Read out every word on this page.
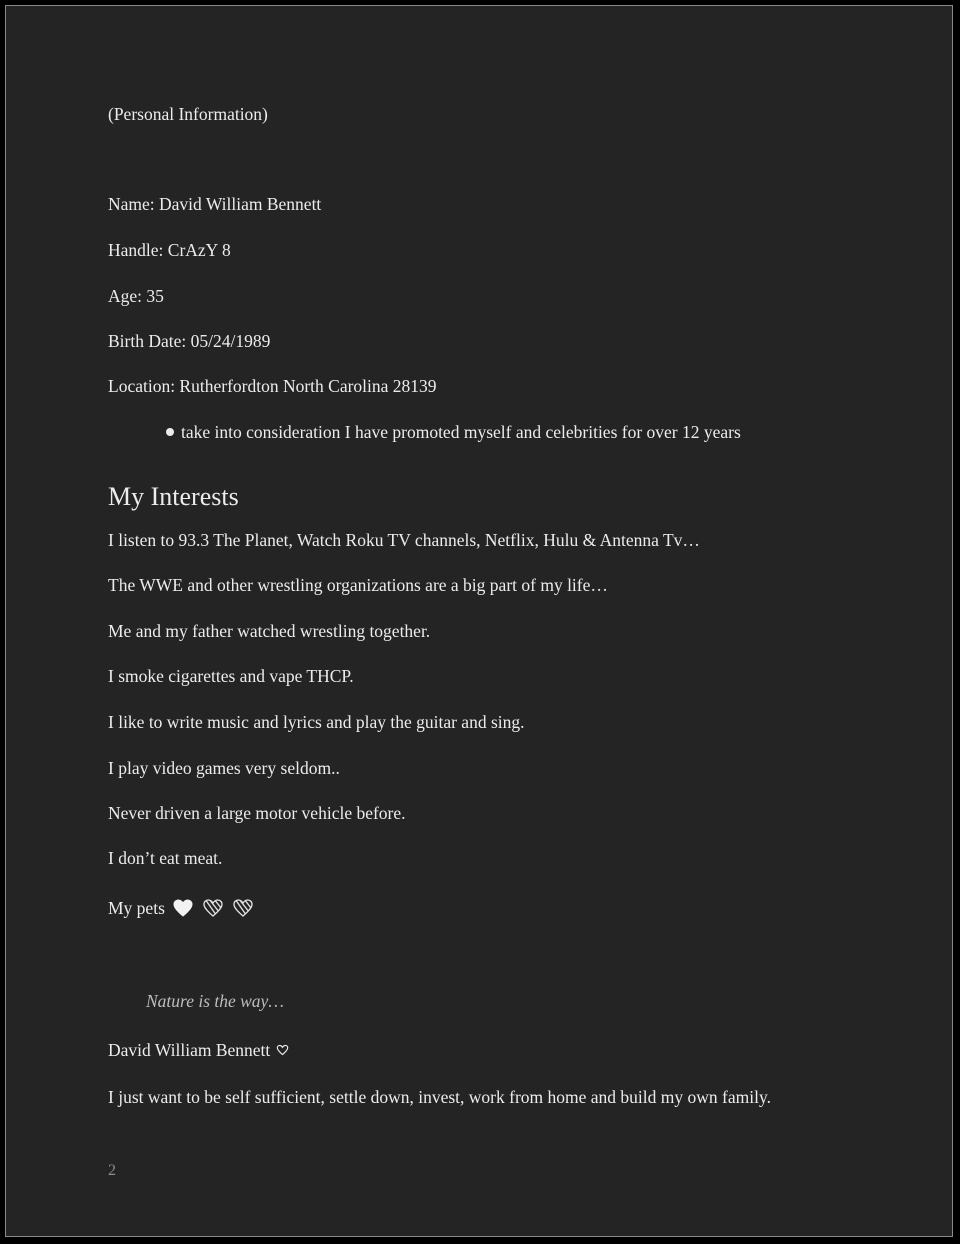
(Personal Information)
Name: David William Bennett
Handle: CrAzY 8
Age: 35
Birth Date: 05/24/1989
Location: Rutherfordton North Carolina 28139
take into consideration I have promoted myself and celebrities for over 12 years
My Interests
I listen to 93.3 The Planet, Watch Roku TV channels, Netflix, Hulu & Antenna Tv…
The WWE and other wrestling organizations are a big part of my life…
Me and my father watched wrestling together.
I smoke cigarettes and vape THCP.
I like to write music and lyrics and play the guitar and sing.
I play video games very seldom..
Never driven a large motor vehicle before.
I don’t eat meat.
My pets
Nature is the way…
David William Bennett
I just want to be self sufficient, settle down, invest, work from home and build my own family.
2
